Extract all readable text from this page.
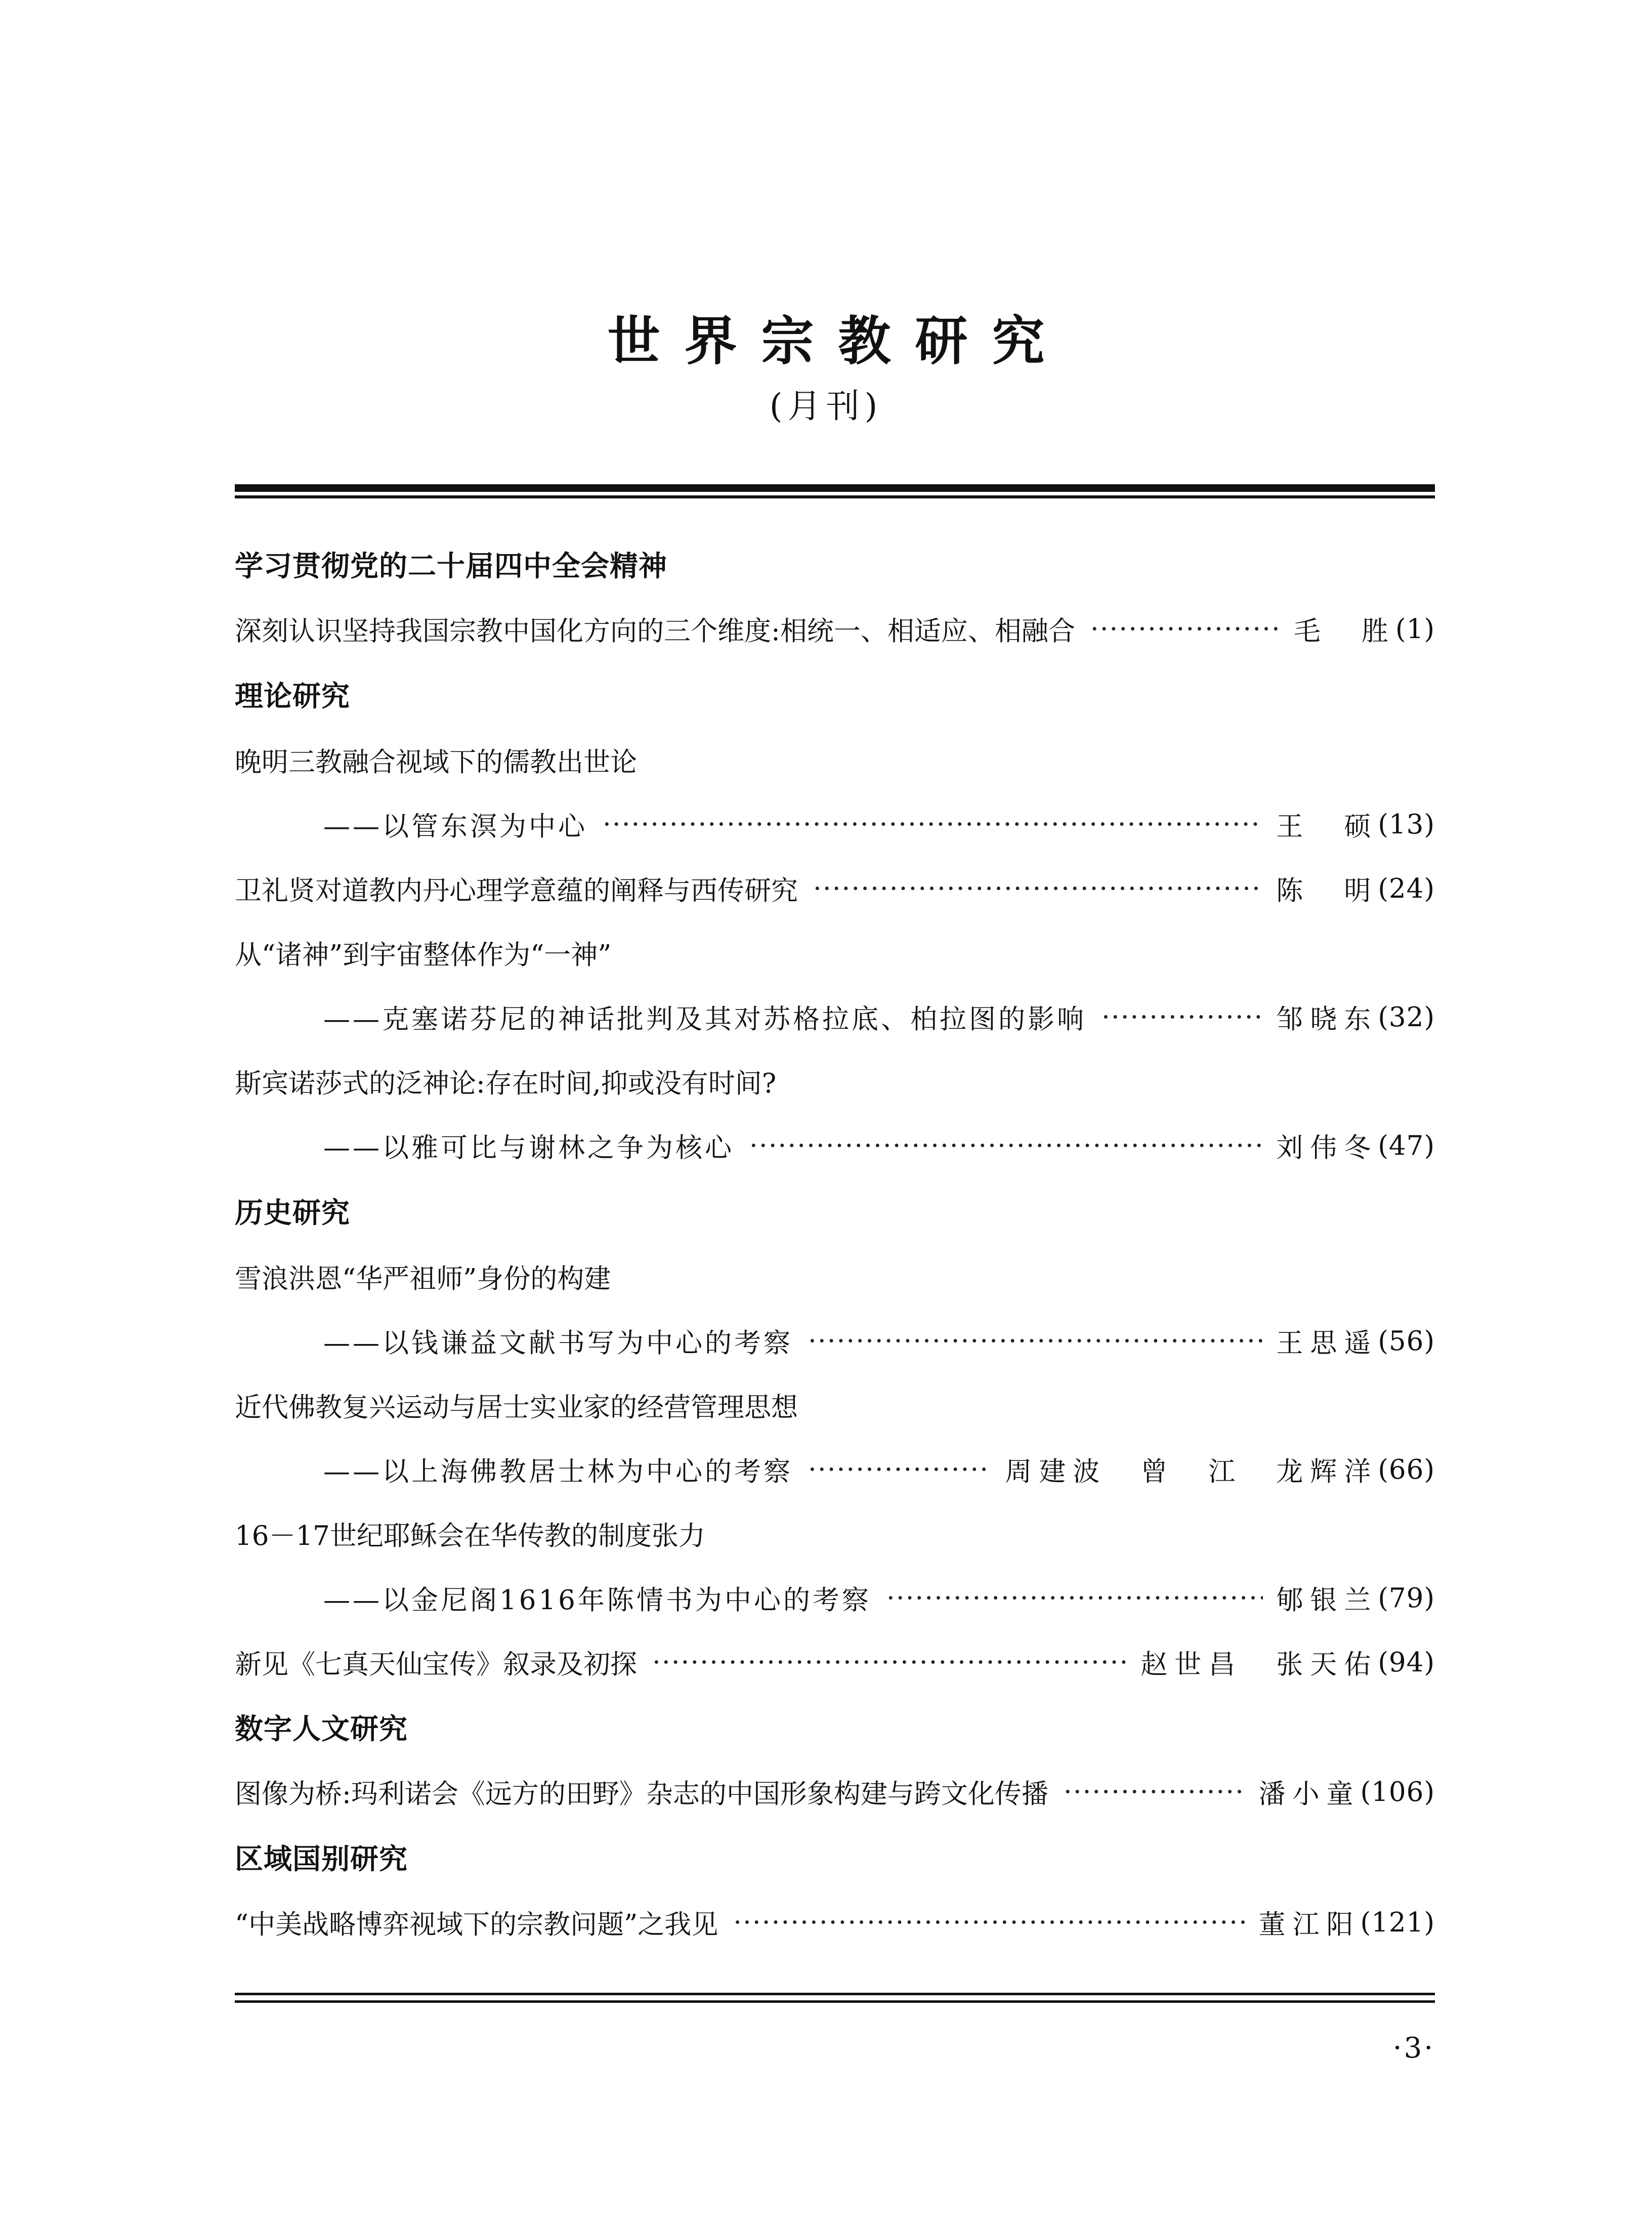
世界宗教研究
(月刊)
学习贯彻党的二十届四中全会精神
深刻认识坚持我国宗教中国化方向的三个维度:相统一、相适应、相融合 ·····	毛　胜 (1)
理论研究
晚明三教融合视域下的儒教出世论
——以管东溟为中心 ·····	王　硕 (13)
卫礼贤对道教内丹心理学意蕴的阐释与西传研究 ·····	陈　明 (24)
从“诸神”到宇宙整体作为“一神”
——克塞诺芬尼的神话批判及其对苏格拉底、柏拉图的影响 ·····	邹晓东 (32)
斯宾诺莎式的泛神论:存在时间,抑或没有时间?
——以雅可比与谢林之争为核心 ·····	刘伟冬 (47)
历史研究
雪浪洪恩“华严祖师”身份的构建
——以钱谦益文献书写为中心的考察 ·····	王思遥 (56)
近代佛教复兴运动与居士实业家的经营管理思想
——以上海佛教居士林为中心的考察 ·····	周建波　曾　江　龙辉洋 (66)
16－17世纪耶稣会在华传教的制度张力
——以金尼阁1616年陈情书为中心的考察 ·····	郇银兰 (79)
新见《七真天仙宝传》叙录及初探 ·····	赵世昌　张天佑 (94)
数字人文研究
图像为桥:玛利诺会《远方的田野》杂志的中国形象构建与跨文化传播 ·····	潘小童 (106)
区域国别研究
“中美战略博弈视域下的宗教问题”之我见 ·····	董江阳 (121)
·3·
